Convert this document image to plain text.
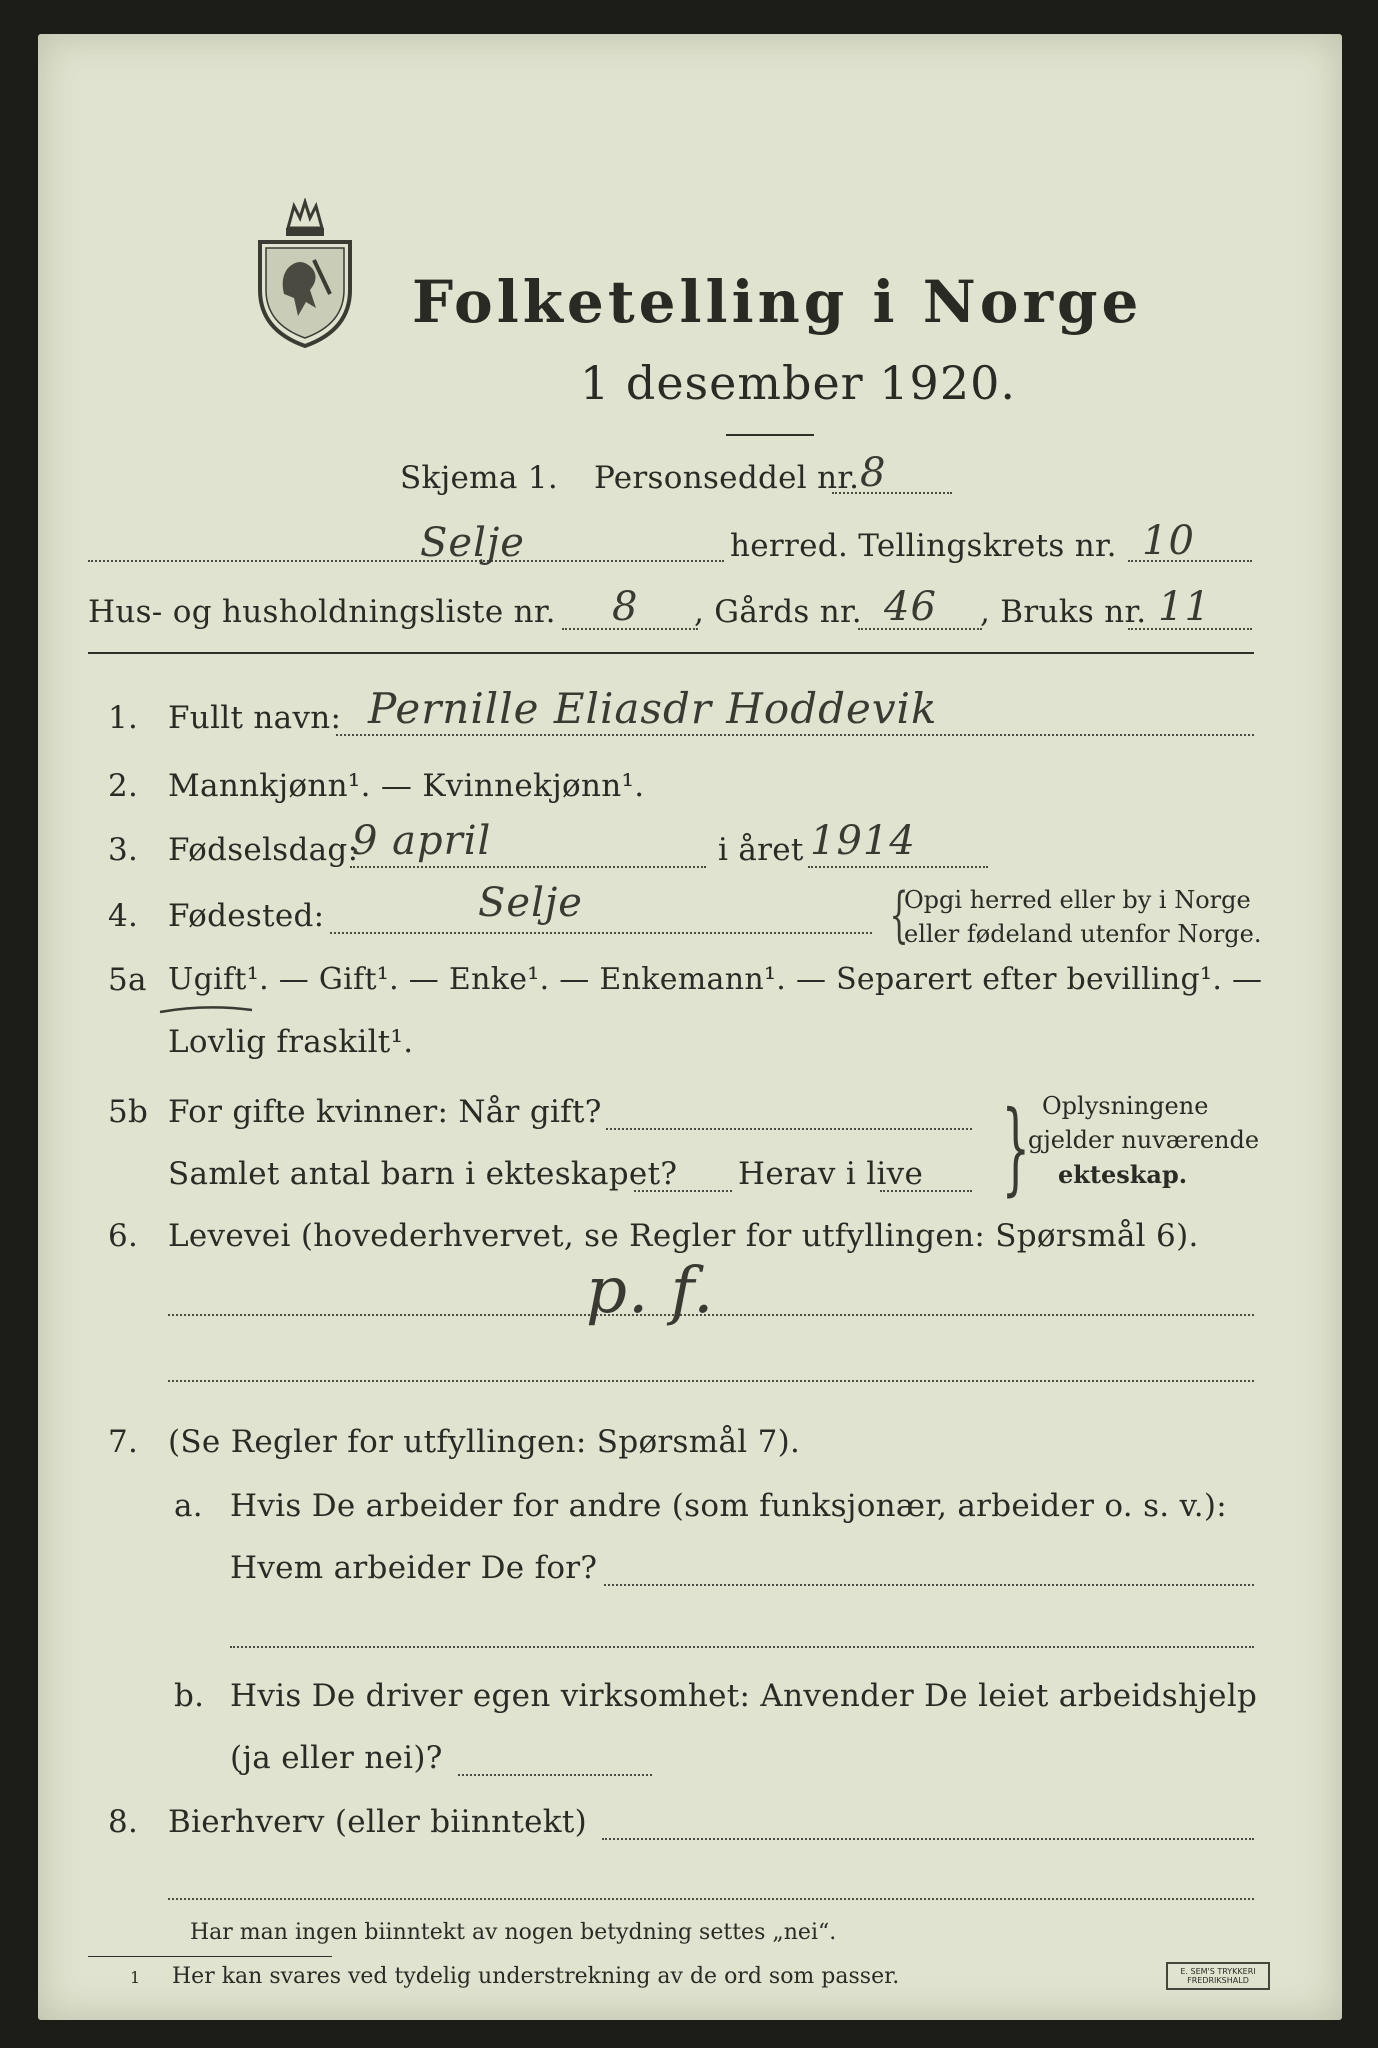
Folketelling i Norge
1 desember 1920.
Skjema 1. Personseddel nr. 8
Selje	herred. Tellingskrets nr. 10
Hus- og husholdningsliste nr. 8 , Gårds nr. 46 , Bruks nr. 11
1. Fullt navn: Pernille Eliasdr Hoddevik
2. Mannkjønn¹. — Kvinnekjønn¹.
3. Fødselsdag:
9 april	i året 1914
4. Fødested:	Selje	{
Opgi herred eller by i Norge
eller fødeland utenfor Norge.
5a Ugift¹. — Gift¹. — Enke¹. — Enkemann¹. — Separert efter bevilling¹. —
Lovlig fraskilt¹.
5b For gifte kvinner: Når gift?
Samlet antal barn i ekteskapet? Herav i live } Oplysningene
gjelder nuværende
ekteskap.
6. Levevei (hovederhvervet, se Regler for utfyllingen: Spørsmål 6).
p. f.
7. (Se Regler for utfyllingen: Spørsmål 7).
a. Hvis De arbeider for andre (som funksjonær, arbeider o. s. v.):
Hvem arbeider De for?
b. Hvis De driver egen virksomhet: Anvender De leiet arbeidshjelp
(ja eller nei)?
8. Bierhverv (eller biinntekt)
Har man ingen biinntekt av nogen betydning settes „nei“.
1 Her kan svares ved tydelig understrekning av de ord som passer.	E. SEM'S TRYKKERI
FREDRIKSHALD
